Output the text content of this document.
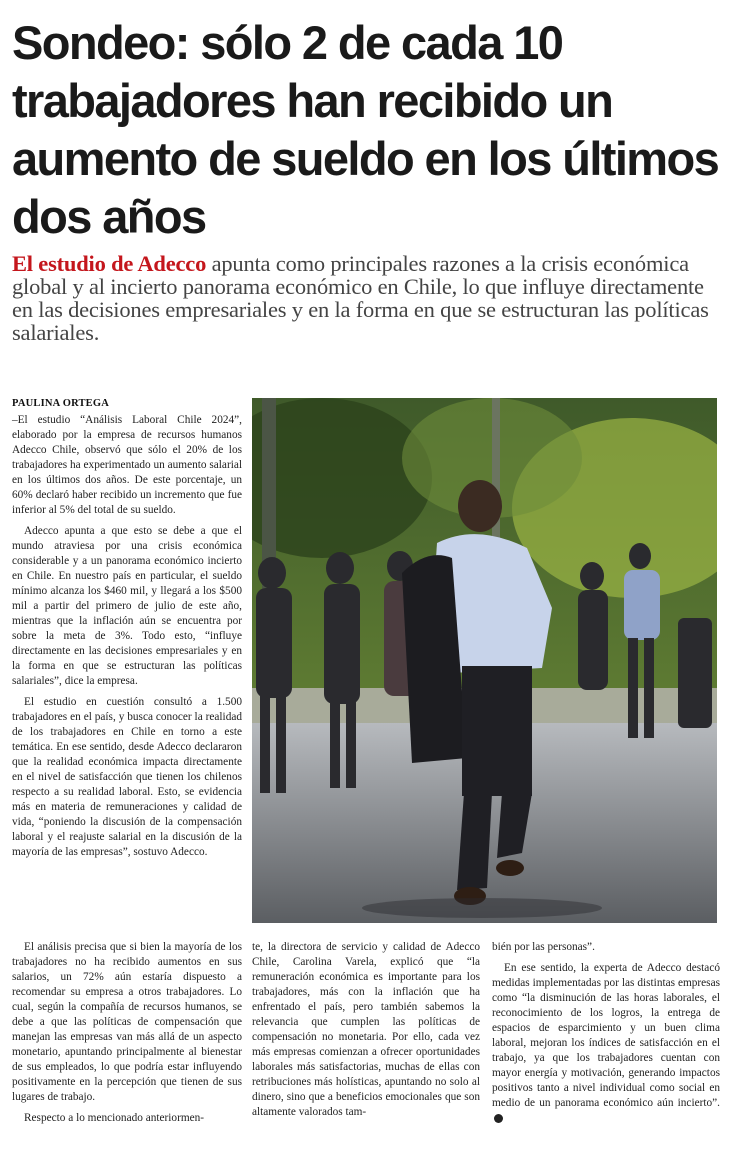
Sondeo: sólo 2 de cada 10 trabajadores han recibido un aumento de sueldo en los últimos dos años

El estudio de Adecco apunta como principales razones a la crisis económica global y al incierto panorama económico en Chile, lo que influye directamente en las decisiones empresariales y en la forma en que se estructuran las políticas salariales.

PAULINA ORTEGA

–El estudio “Análisis Laboral Chile 2024”, elaborado por la empresa de recursos humanos Adecco Chile, observó que sólo el 20% de los trabajadores ha experimentado un aumento salarial en los últimos dos años. De este porcentaje, un 60% declaró haber recibido un incremento que fue inferior al 5% del total de su sueldo.

Adecco apunta a que esto se debe a que el mundo atraviesa por una crisis económica considerable y a un panorama económico incierto en Chile. En nuestro país en particular, el sueldo mínimo alcanza los $460 mil, y llegará a los $500 mil a partir del primero de julio de este año, mientras que la inflación aún se encuentra por sobre la meta de 3%. Todo esto, “influye directamente en las decisiones empresariales y en la forma en que se estructuran las políticas salariales”, dice la empresa.

El estudio en cuestión consultó a 1.500 trabajadores en el país, y busca conocer la realidad de los trabajadores en Chile en torno a este temática. En ese sentido, desde Adecco declararon que la realidad económica impacta directamente en el nivel de satisfacción que tienen los chilenos respecto a su realidad laboral. Esto, se evidencia más en materia de remuneraciones y calidad de vida, “poniendo la discusión de la compensación laboral y el reajuste salarial en la discusión de la mayoría de las empresas”, sostuvo Adecco.

El análisis precisa que si bien la mayoría de los trabajadores no ha recibido aumentos en sus salarios, un 72% aún estaría dispuesto a recomendar su empresa a otros trabajadores. Lo cual, según la compañía de recursos humanos, se debe a que las políticas de compensación que manejan las empresas van más allá de un aspecto monetario, apuntando principalmente al bienestar de sus empleados, lo que podría estar influyendo positivamente en la percepción que tienen de sus lugares de trabajo.

Respecto a lo mencionado anteriormen-

te, la directora de servicio y calidad de Adecco Chile, Carolina Varela, explicó que “la remuneración económica es importante para los trabajadores, más con la inflación que ha enfrentado el país, pero también sabemos la relevancia que cumplen las políticas de compensación no monetaria. Por ello, cada vez más empresas comienzan a ofrecer oportunidades laborales más satisfactorias, muchas de ellas con retribuciones más holísticas, apuntando no solo al dinero, sino que a beneficios emocionales que son altamente valorados tam-

bién por las personas”.

En ese sentido, la experta de Adecco destacó medidas implementadas por las distintas empresas como “la disminución de las horas laborales, el reconocimiento de los logros, la entrega de espacios de esparcimiento y un buen clima laboral, mejoran los índices de satisfacción en el trabajo, ya que los trabajadores cuentan con mayor energía y motivación, generando impactos positivos tanto a nivel individual como social en medio de un panorama económico aún incierto”.
